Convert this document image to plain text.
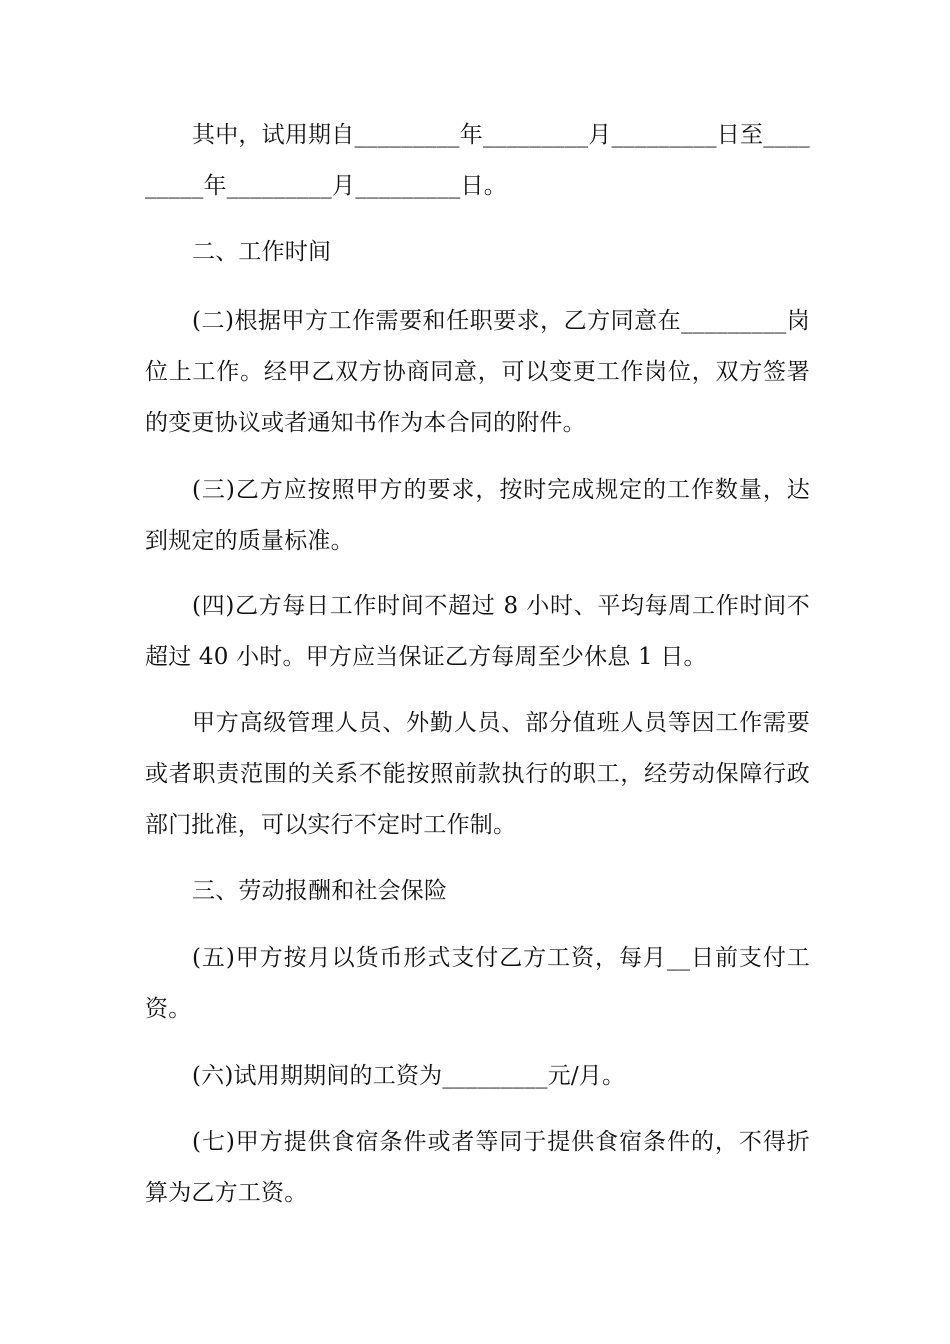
其中，试用期自_________年_________月_________日至_________年_________月_________日。

二、工作时间

(二)根据甲方工作需要和任职要求，乙方同意在_________岗位上工作。经甲乙双方协商同意，可以变更工作岗位，双方签署的变更协议或者通知书作为本合同的附件。

(三)乙方应按照甲方的要求，按时完成规定的工作数量，达到规定的质量标准。

(四)乙方每日工作时间不超过 8 小时、平均每周工作时间不超过 40 小时。甲方应当保证乙方每周至少休息 1 日。

甲方高级管理人员、外勤人员、部分值班人员等因工作需要或者职责范围的关系不能按照前款执行的职工，经劳动保障行政部门批准，可以实行不定时工作制。

三、劳动报酬和社会保险

(五)甲方按月以货币形式支付乙方工资，每月__日前支付工资。

(六)试用期期间的工资为_________元/月。

(七)甲方提供食宿条件或者等同于提供食宿条件的，不得折算为乙方工资。
